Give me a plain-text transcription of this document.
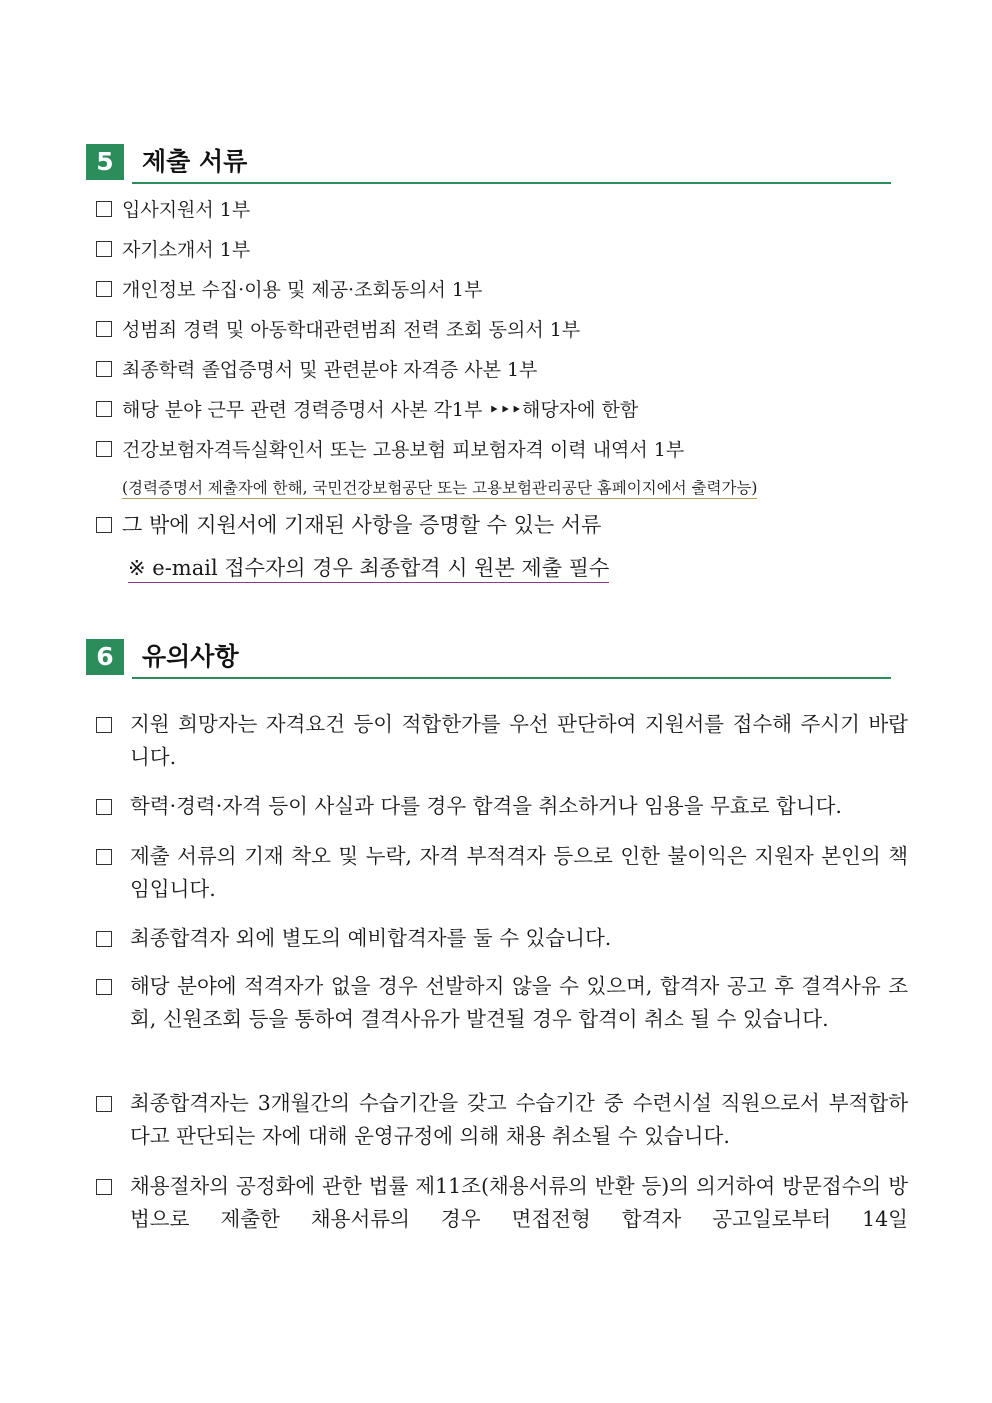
5	제출 서류
입사지원서 1부
자기소개서 1부
개인정보 수집·이용 및 제공·조회동의서 1부
성범죄 경력 및 아동학대관련범죄 전력 조회 동의서 1부
최종학력 졸업증명서 및 관련분야 자격증 사본 1부
해당 분야 근무 관련 경력증명서 사본 각1부 ‣‣‣해당자에 한함
건강보험자격득실확인서 또는 고용보험 피보험자격 이력 내역서 1부
(경력증명서 제출자에 한해, 국민건강보험공단 또는 고용보험관리공단 홈페이지에서 출력가능)
그 밖에 지원서에 기재된 사항을 증명할 수 있는 서류
※ e-mail 접수자의 경우 최종합격 시 원본 제출 필수
6	유의사항
지원 희망자는 자격요건 등이 적합한가를 우선 판단하여 지원서를 접수해 주시기 바랍니다.
학력·경력·자격 등이 사실과 다를 경우 합격을 취소하거나 임용을 무효로 합니다.
제출 서류의 기재 착오 및 누락, 자격 부적격자 등으로 인한 불이익은 지원자 본인의 책임입니다.
최종합격자 외에 별도의 예비합격자를 둘 수 있습니다.
해당 분야에 적격자가 없을 경우 선발하지 않을 수 있으며, 합격자 공고 후 결격사유 조회, 신원조회 등을 통하여 결격사유가 발견될 경우 합격이 취소 될 수 있습니다.
최종합격자는 3개월간의 수습기간을 갖고 수습기간 중 수련시설 직원으로서 부적합하다고 판단되는 자에 대해 운영규정에 의해 채용 취소될 수 있습니다.
채용절차의 공정화에 관한 법률 제11조(채용서류의 반환 등)의 의거하여 방문접수의 방법으로 제출한 채용서류의 경우 면접전형 합격자 공고일로부터 14일
